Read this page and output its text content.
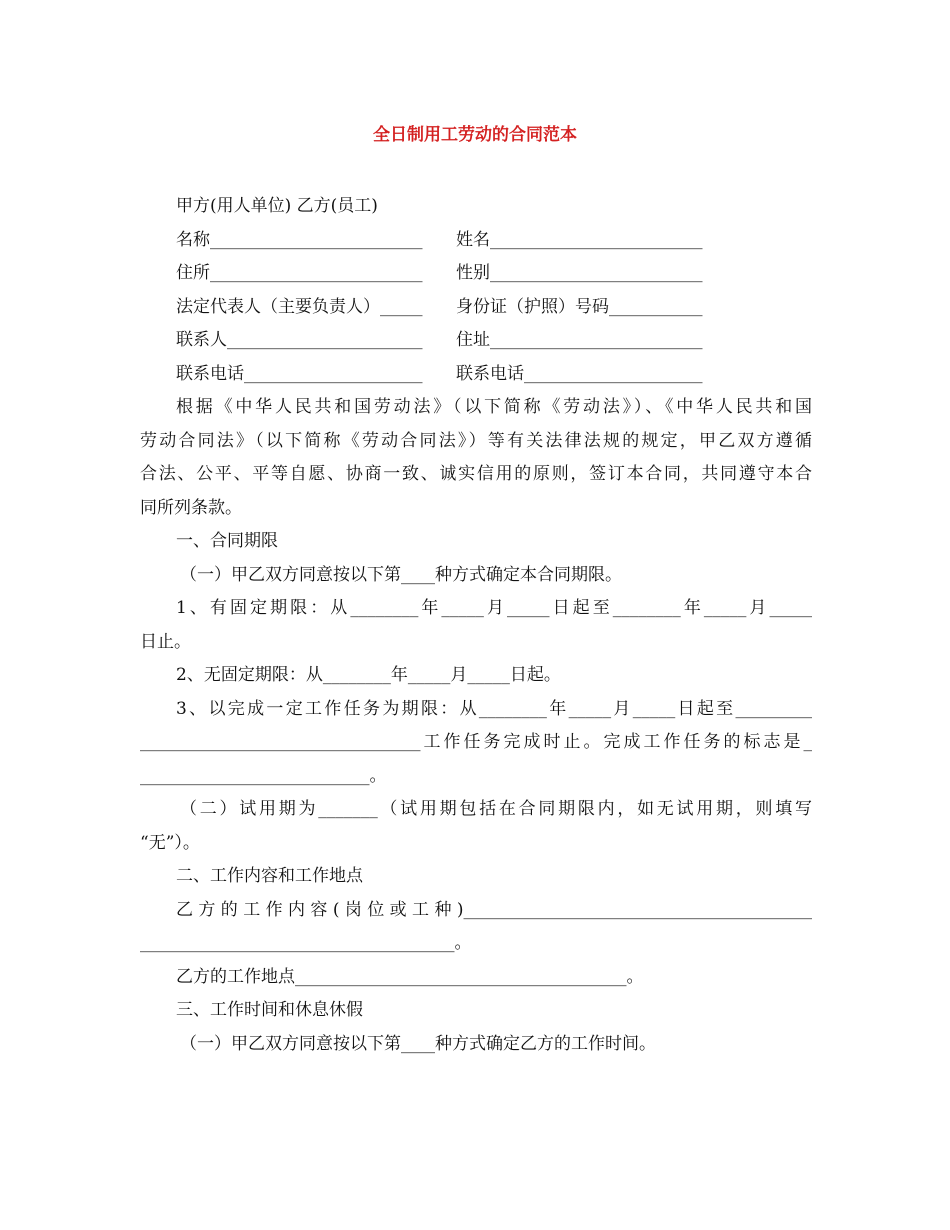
全日制用工劳动的合同范本
甲方(用人单位) 乙方(员工)
名称_________________________	姓名_________________________
住所_________________________	性别_________________________
法定代表人（主要负责人）_____	身份证（护照）号码___________
联系人_______________________	住址_________________________
联系电话_____________________	联系电话_____________________
根据《中华人民共和国劳动法》（以下简称《劳动法》）、《中华人民共和国
劳动合同法》（以下简称《劳动合同法》）等有关法律法规的规定，甲乙双方遵循
合法、公平、平等自愿、协商一致、诚实信用的原则，签订本合同，共同遵守本合
同所列条款。
一、合同期限
（一）甲乙双方同意按以下第____种方式确定本合同期限。
1、有固定期限：从________年_____月_____日起至________年_____月_____
日止。
2、无固定期限：从________年_____月_____日起。
3、以完成一定工作任务为期限：从________年_____月_____日起至_________
_________________________________工作任务完成时止。完成工作任务的标志是_
___________________________。
（二）试用期为_______（试用期包括在合同期限内，如无试用期，则填写
“无”）。
二、工作内容和工作地点
乙方的工作内容(岗位或工种)_________________________________________
_____________________________________。
乙方的工作地点_______________________________________。
三、工作时间和休息休假
（一）甲乙双方同意按以下第____种方式确定乙方的工作时间。
